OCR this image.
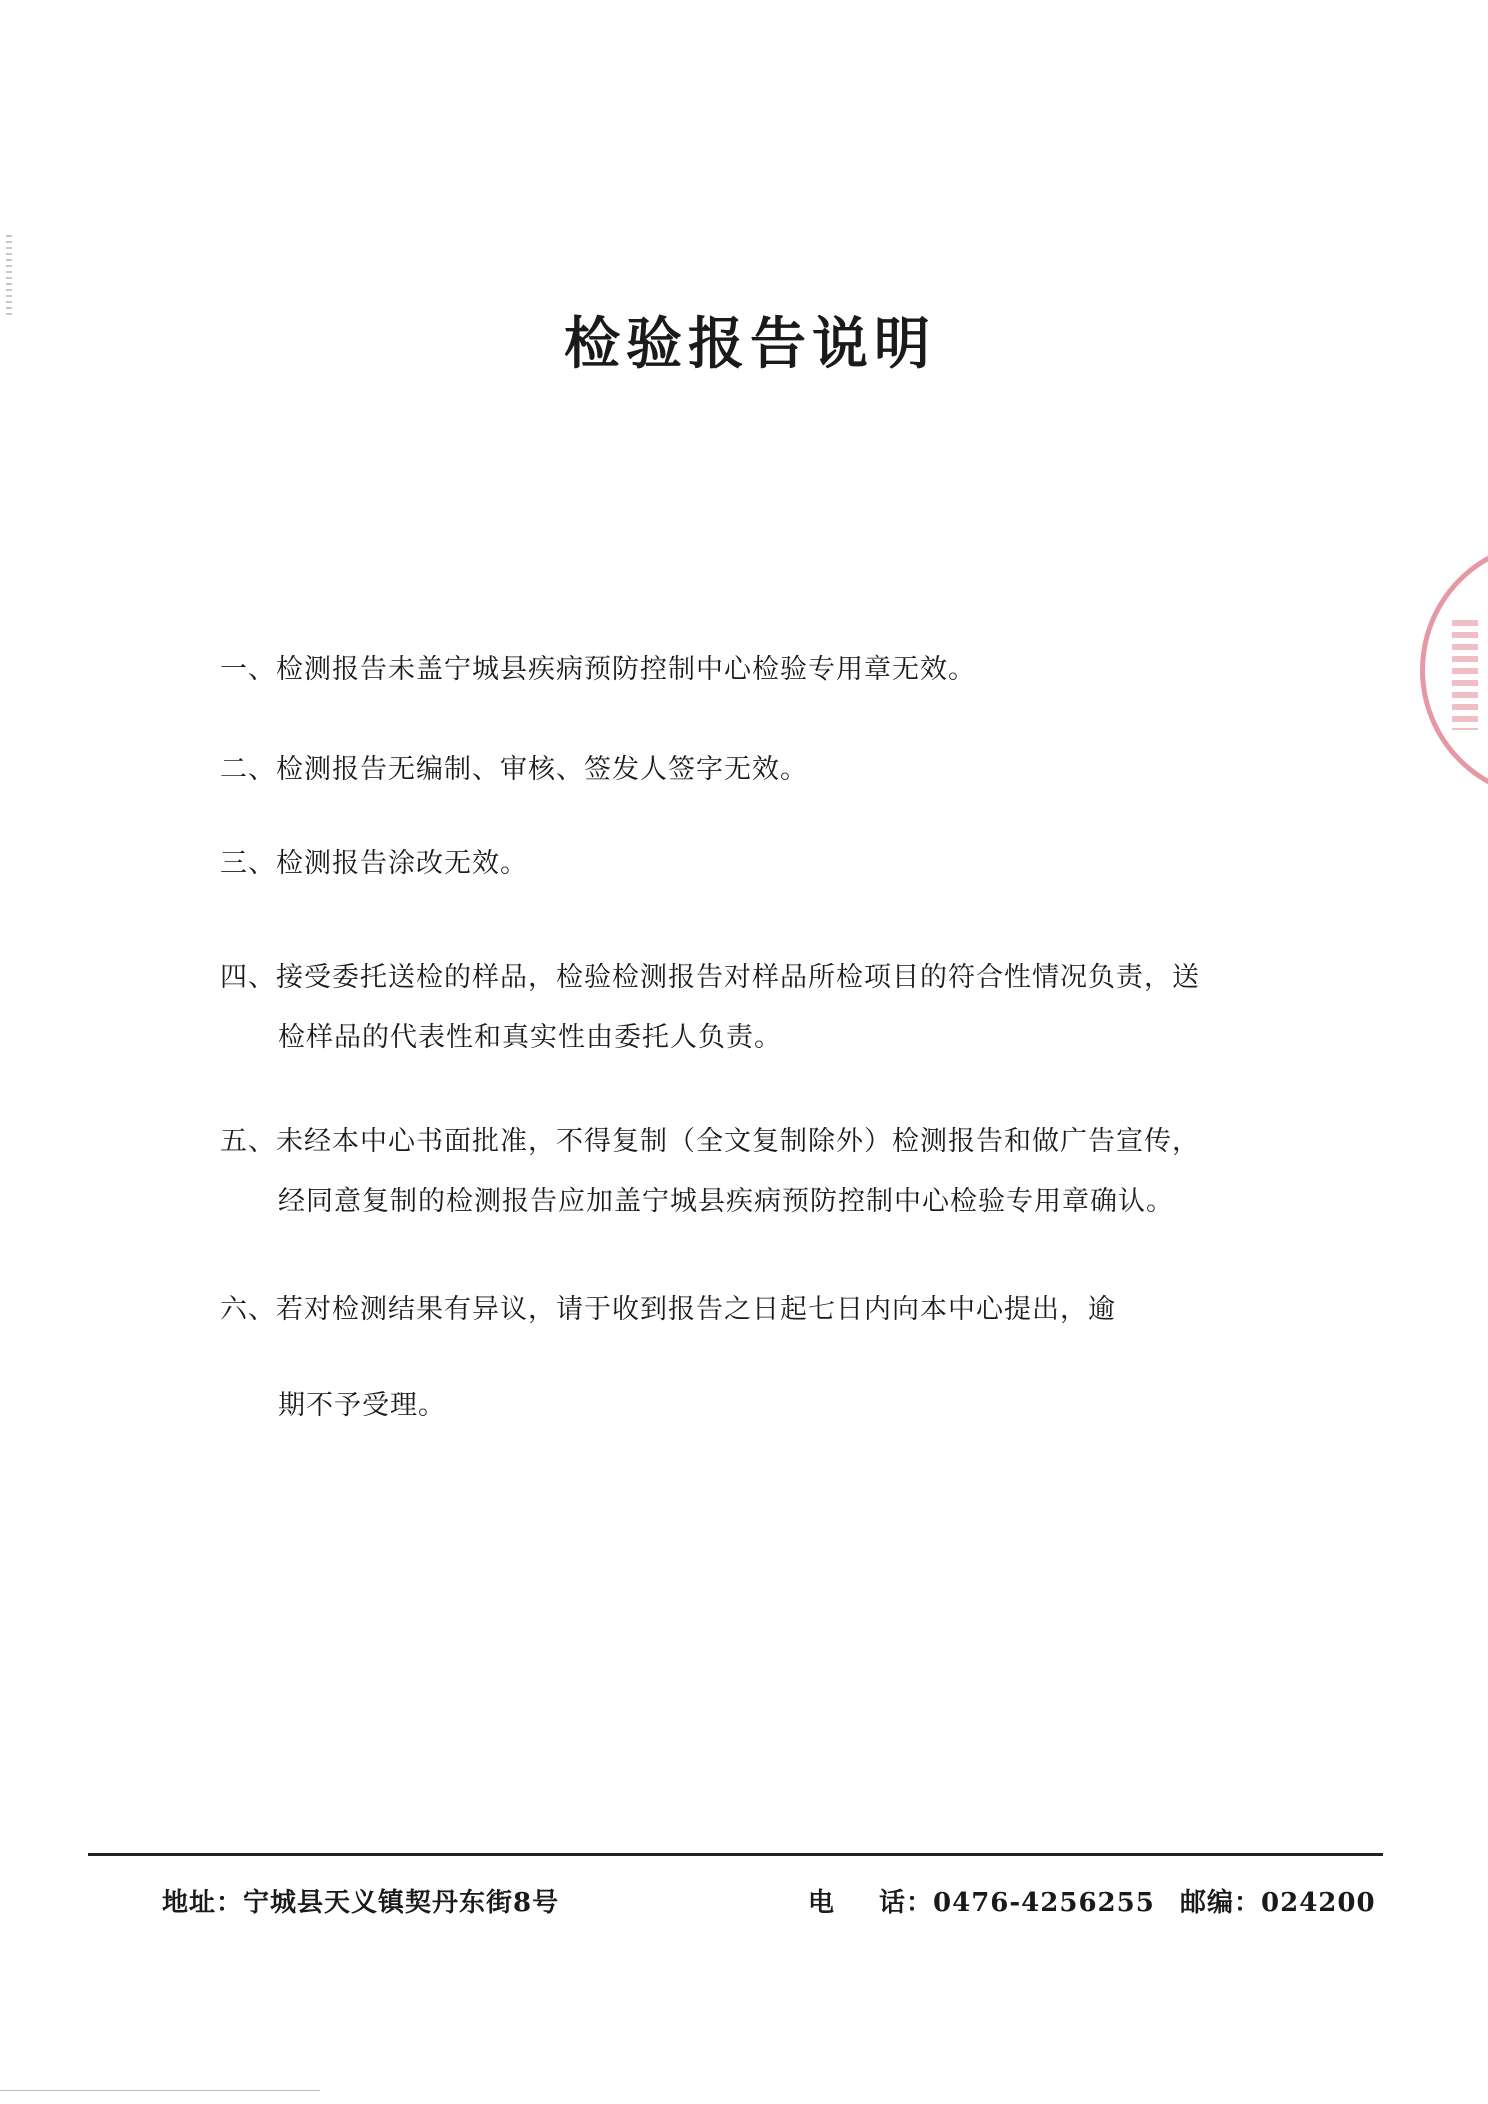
检验报告说明
一、检测报告未盖宁城县疾病预防控制中心检验专用章无效。
二、检测报告无编制、审核、签发人签字无效。
三、检测报告涂改无效。
四、接受委托送检的样品，检验检测报告对样品所检项目的符合性情况负责，送
检样品的代表性和真实性由委托人负责。
五、未经本中心书面批准，不得复制（全文复制除外）检测报告和做广告宣传，
经同意复制的检测报告应加盖宁城县疾病预防控制中心检验专用章确认。
六、若对检测结果有异议，请于收到报告之日起七日内向本中心提出，逾
期不予受理。
地址：宁城县天义镇契丹东街8号	电 话：0476-4256255 邮编：024200
